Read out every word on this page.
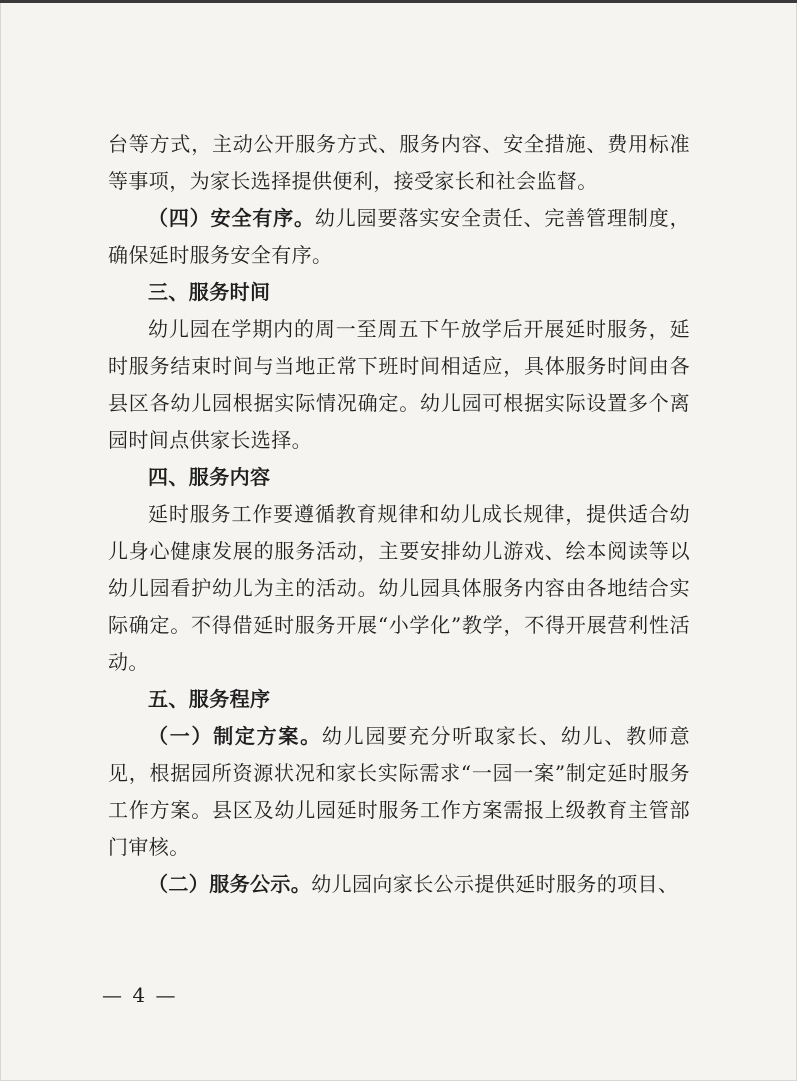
台等方式，主动公开服务方式、服务内容、安全措施、费用标准等事项，为家长选择提供便利，接受家长和社会监督。

（四）安全有序。幼儿园要落实安全责任、完善管理制度，确保延时服务安全有序。

三、服务时间

幼儿园在学期内的周一至周五下午放学后开展延时服务，延时服务结束时间与当地正常下班时间相适应，具体服务时间由各县区各幼儿园根据实际情况确定。幼儿园可根据实际设置多个离园时间点供家长选择。

四、服务内容

延时服务工作要遵循教育规律和幼儿成长规律，提供适合幼儿身心健康发展的服务活动，主要安排幼儿游戏、绘本阅读等以幼儿园看护幼儿为主的活动。幼儿园具体服务内容由各地结合实际确定。不得借延时服务开展“小学化”教学，不得开展营利性活动。

五、服务程序

（一）制定方案。幼儿园要充分听取家长、幼儿、教师意见，根据园所资源状况和家长实际需求“一园一案”制定延时服务工作方案。县区及幼儿园延时服务工作方案需报上级教育主管部门审核。

（二）服务公示。幼儿园向家长公示提供延时服务的项目、

— 4 —
